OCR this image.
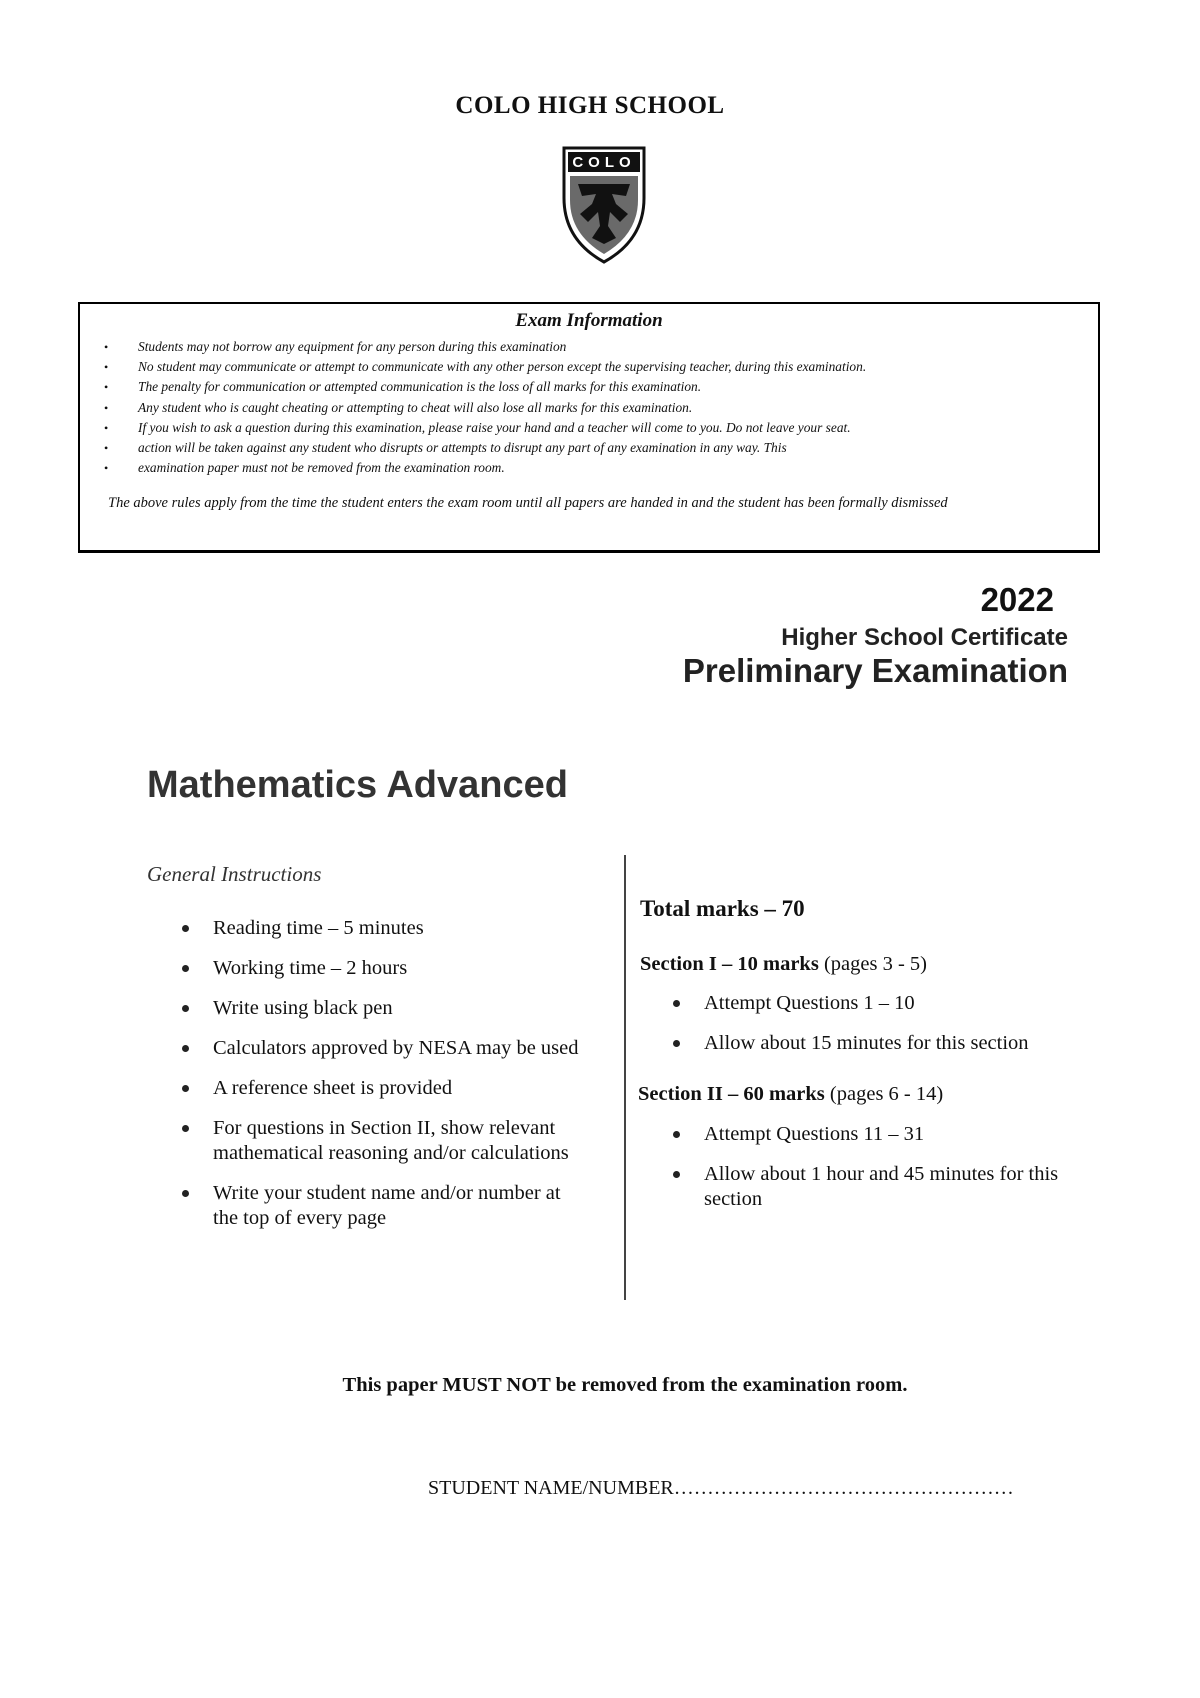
COLO HIGH SCHOOL
COLO
Exam Information
• Students may not borrow any equipment for any person during this examination
• No student may communicate or attempt to communicate with any other person except the supervising teacher, during this examination.
• The penalty for communication or attempted communication is the loss of all marks for this examination.
• Any student who is caught cheating or attempting to cheat will also lose all marks for this examination.
• If you wish to ask a question during this examination, please raise your hand and a teacher will come to you. Do not leave your seat.
• action will be taken against any student who disrupts or attempts to disrupt any part of any examination in any way. This
• examination paper must not be removed from the examination room.
The above rules apply from the time the student enters the exam room until all papers are handed in and the student has been formally dismissed
2022
Higher School Certificate
Preliminary Examination
Mathematics Advanced
General Instructions
Reading time – 5 minutes
Working time – 2 hours
Write using black pen
Calculators approved by NESA may be used
A reference sheet is provided
For questions in Section II, show relevant mathematical reasoning and/or calculations
Write your student name and/or number at the top of every page
Total marks – 70
Section I – 10 marks (pages 3 - 5)
Attempt Questions 1 – 10
Allow about 15 minutes for this section
Section II – 60 marks (pages 6 - 14)
Attempt Questions 11 – 31
Allow about 1 hour and 45 minutes for this section
This paper MUST NOT be removed from the examination room.
STUDENT NAME/NUMBER……………………………………………
